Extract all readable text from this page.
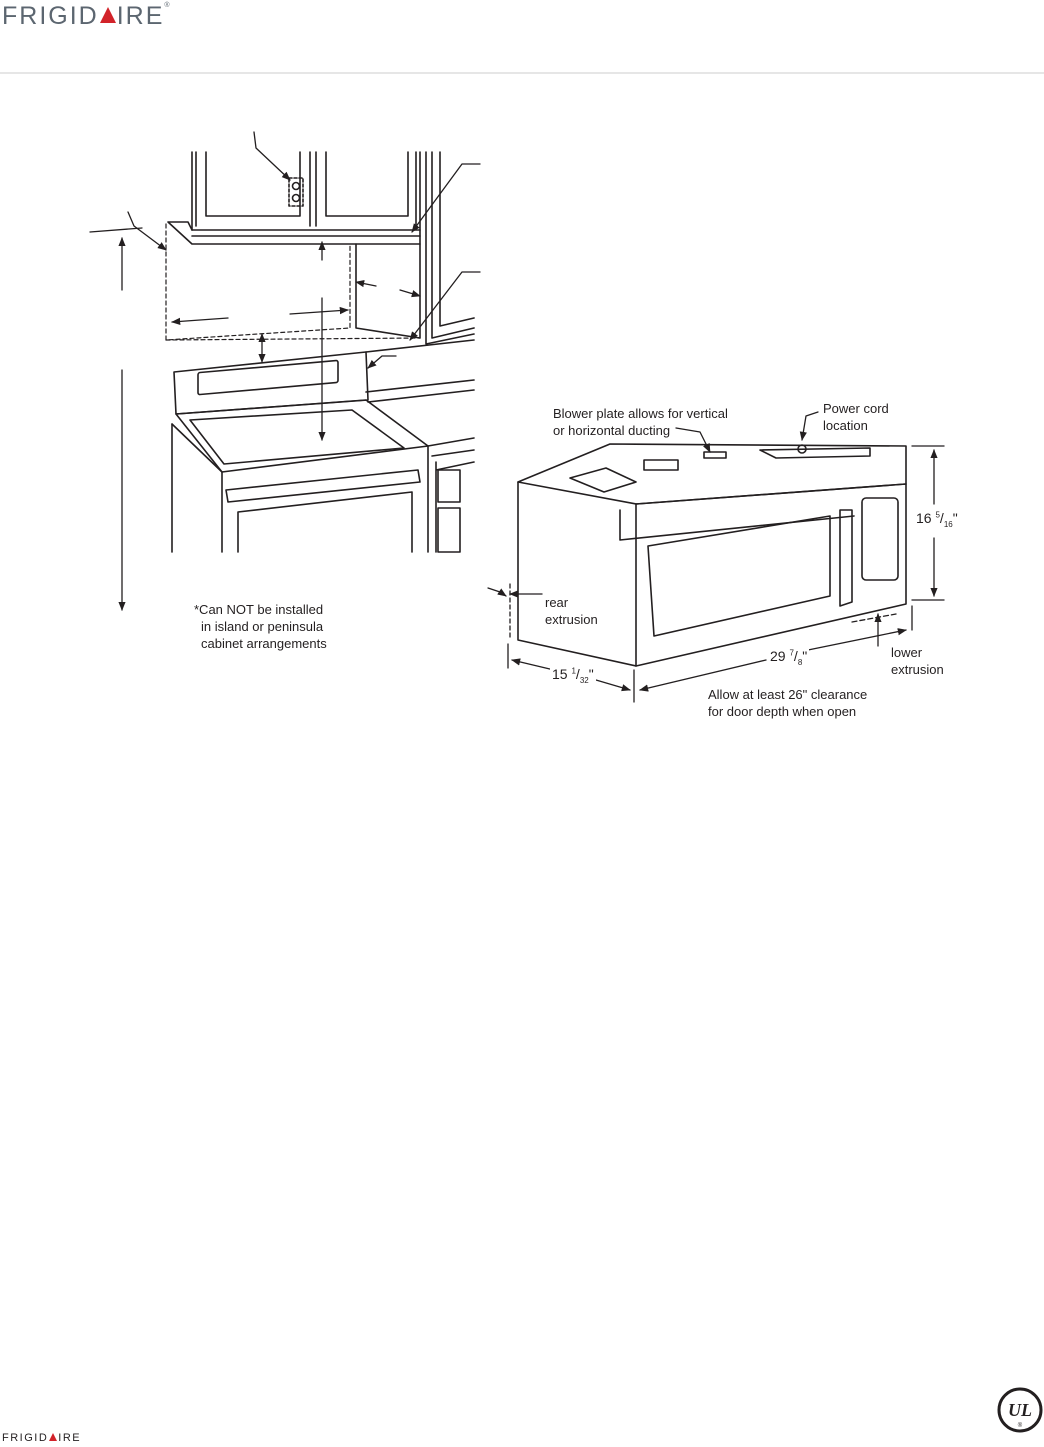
FRIGID IRE®
Blower plate allows for vertical
or horizontal ducting
Power cord
location
rear
extrusion
lower
extrusion
Allow at least 26" clearance
for door depth when open
*Can NOT be installed
in island or peninsula
cabinet arrangements
16 $^5/_{16}$"
29 $^7/_8$"
15 $^1/_{32}$"
FRIGID IRE
UL
®
